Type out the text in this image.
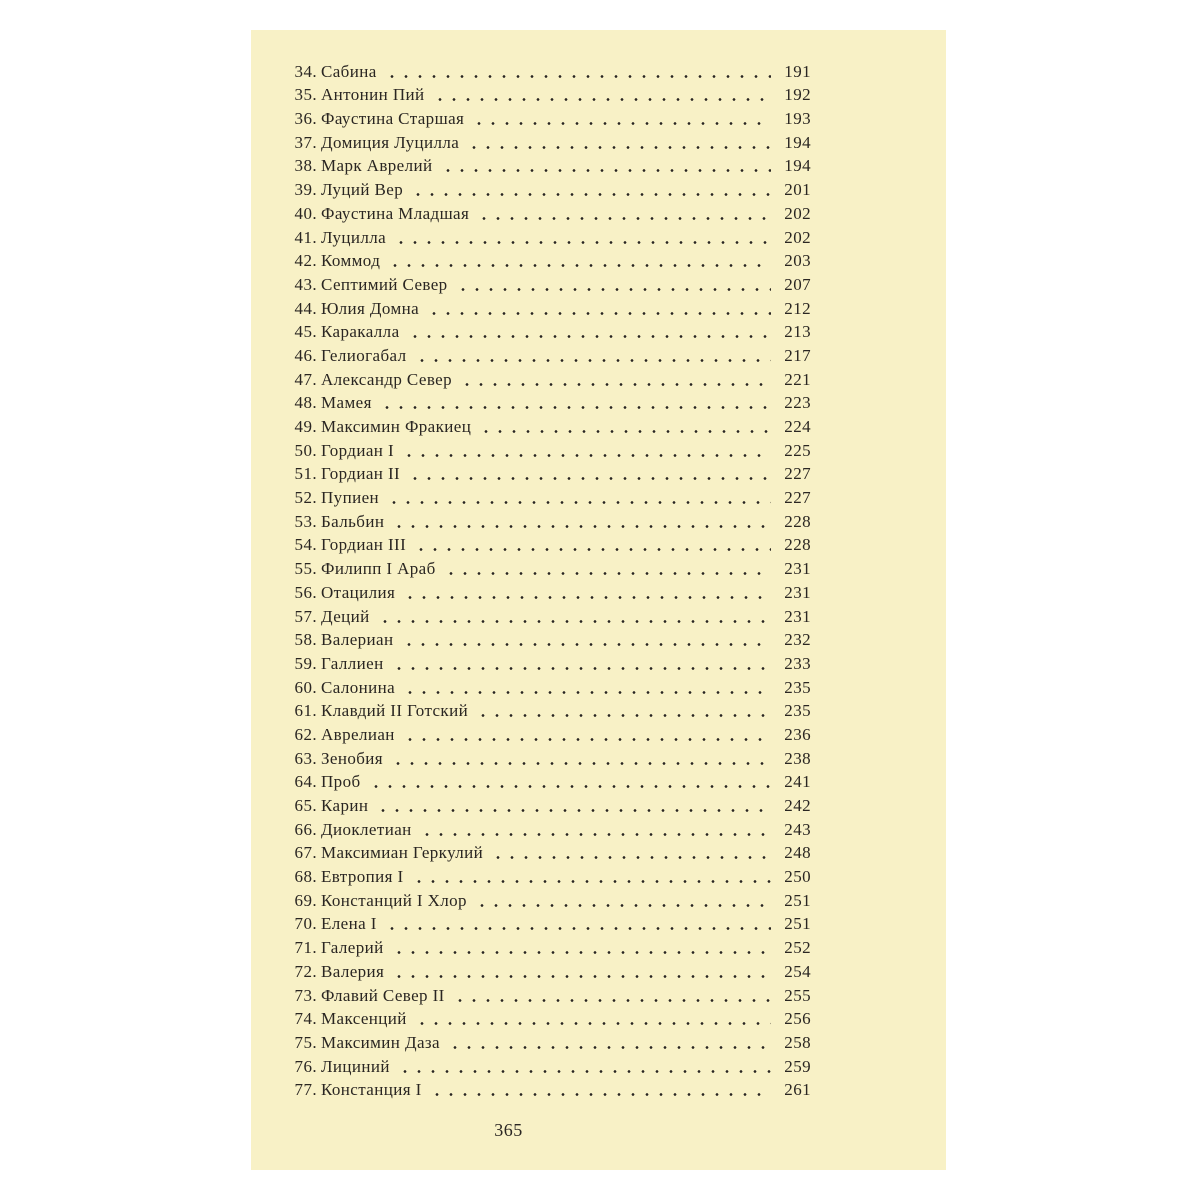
34. Сабина	191
35. Антонин Пий	192
36. Фаустина Старшая	193
37. Домиция Луцилла	194
38. Марк Аврелий	194
39. Луций Вер	201
40. Фаустина Младшая	202
41. Луцилла	202
42. Коммод	203
43. Септимий Север	207
44. Юлия Домна	212
45. Каракалла	213
46. Гелиогабал	217
47. Александр Север	221
48. Мамея	223
49. Максимин Фракиец	224
50. Гордиан I	225
51. Гордиан II	227
52. Пупиен	227
53. Бальбин	228
54. Гордиан III	228
55. Филипп I Араб	231
56. Отацилия	231
57. Деций	231
58. Валериан	232
59. Галлиен	233
60. Салонина	235
61. Клавдий II Готский	235
62. Аврелиан	236
63. Зенобия	238
64. Проб	241
65. Карин	242
66. Диоклетиан	243
67. Максимиан Геркулий	248
68. Евтропия I	250
69. Констанций I Хлор	251
70. Елена I	251
71. Галерий	252
72. Валерия	254
73. Флавий Север II	255
74. Максенций	256
75. Максимин Даза	258
76. Лициний	259
77. Констанция I	261
365
